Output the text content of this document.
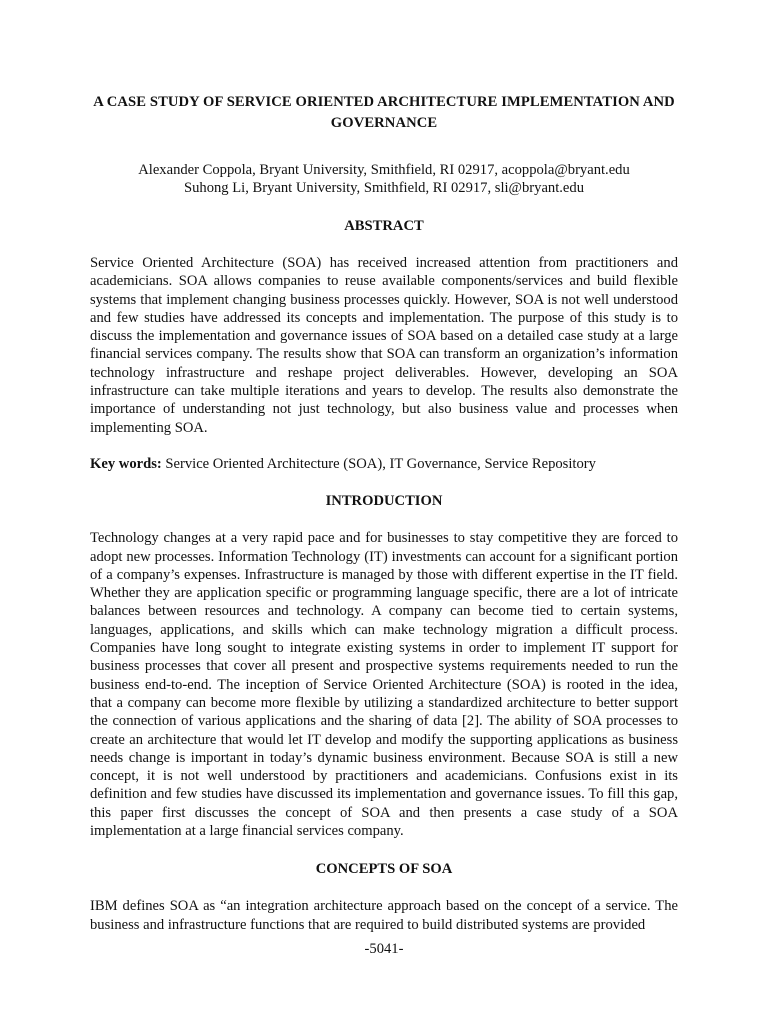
A CASE STUDY OF SERVICE ORIENTED ARCHITECTURE IMPLEMENTATION AND GOVERNANCE
Alexander Coppola, Bryant University, Smithfield, RI 02917, acoppola@bryant.edu
Suhong Li, Bryant University, Smithfield, RI 02917, sli@bryant.edu
ABSTRACT

Service Oriented Architecture (SOA) has received increased attention from practitioners and academicians. SOA allows companies to reuse available components/services and build flexible systems that implement changing business processes quickly. However, SOA is not well understood and few studies have addressed its concepts and implementation. The purpose of this study is to discuss the implementation and governance issues of SOA based on a detailed case study at a large financial services company. The results show that SOA can transform an organization’s information technology infrastructure and reshape project deliverables. However, developing an SOA infrastructure can take multiple iterations and years to develop. The results also demonstrate the importance of understanding not just technology, but also business value and processes when implementing SOA.

Key words: Service Oriented Architecture (SOA), IT Governance, Service Repository

INTRODUCTION

Technology changes at a very rapid pace and for businesses to stay competitive they are forced to adopt new processes. Information Technology (IT) investments can account for a significant portion of a company’s expenses. Infrastructure is managed by those with different expertise in the IT field. Whether they are application specific or programming language specific, there are a lot of intricate balances between resources and technology. A company can become tied to certain systems, languages, applications, and skills which can make technology migration a difficult process. Companies have long sought to integrate existing systems in order to implement IT support for business processes that cover all present and prospective systems requirements needed to run the business end-to-end. The inception of Service Oriented Architecture (SOA) is rooted in the idea, that a company can become more flexible by utilizing a standardized architecture to better support the connection of various applications and the sharing of data [2]. The ability of SOA processes to create an architecture that would let IT develop and modify the supporting applications as business needs change is important in today’s dynamic business environment. Because SOA is still a new concept, it is not well understood by practitioners and academicians. Confusions exist in its definition and few studies have discussed its implementation and governance issues. To fill this gap, this paper first discusses the concept of SOA and then presents a case study of a SOA implementation at a large financial services company.

CONCEPTS OF SOA

IBM defines SOA as “an integration architecture approach based on the concept of a service. The business and infrastructure functions that are required to build distributed systems are provided

-5041-
